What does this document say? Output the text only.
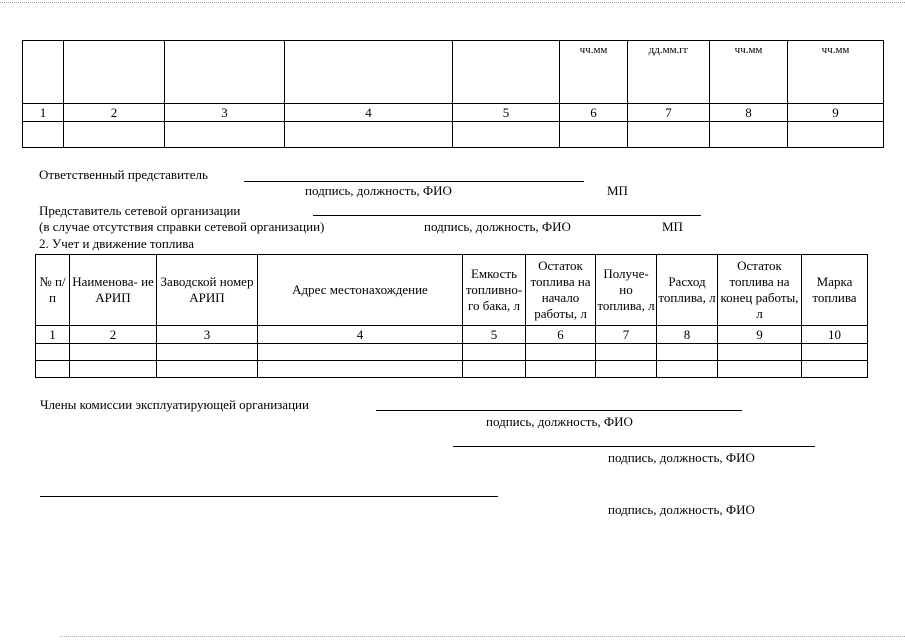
					чч.мм	дд.мм.гг	чч.мм	чч.мм
1	2	3	4	5	6	7	8	9

Ответственный представитель
подпись, должность, ФИО	МП
Представитель сетевой организации
(в случае отсутствия справки сетевой организации)	подпись, должность, ФИО	МП
2. Учет и движение топлива
№ п/п	Наименова- ие АРИП	Заводской номер АРИП	Адрес местонахождение	Емкость топливно- го бака, л	Остаток топлива на начало работы, л	Получе- но топлива, л	Расход топлива, л	Остаток топлива на конец работы, л	Марка топлива
1	2	3	4	5	6	7	8	9	10

Члены комиссии эксплуатирующей организации
подпись, должность, ФИО
подпись, должность, ФИО
подпись, должность, ФИО
